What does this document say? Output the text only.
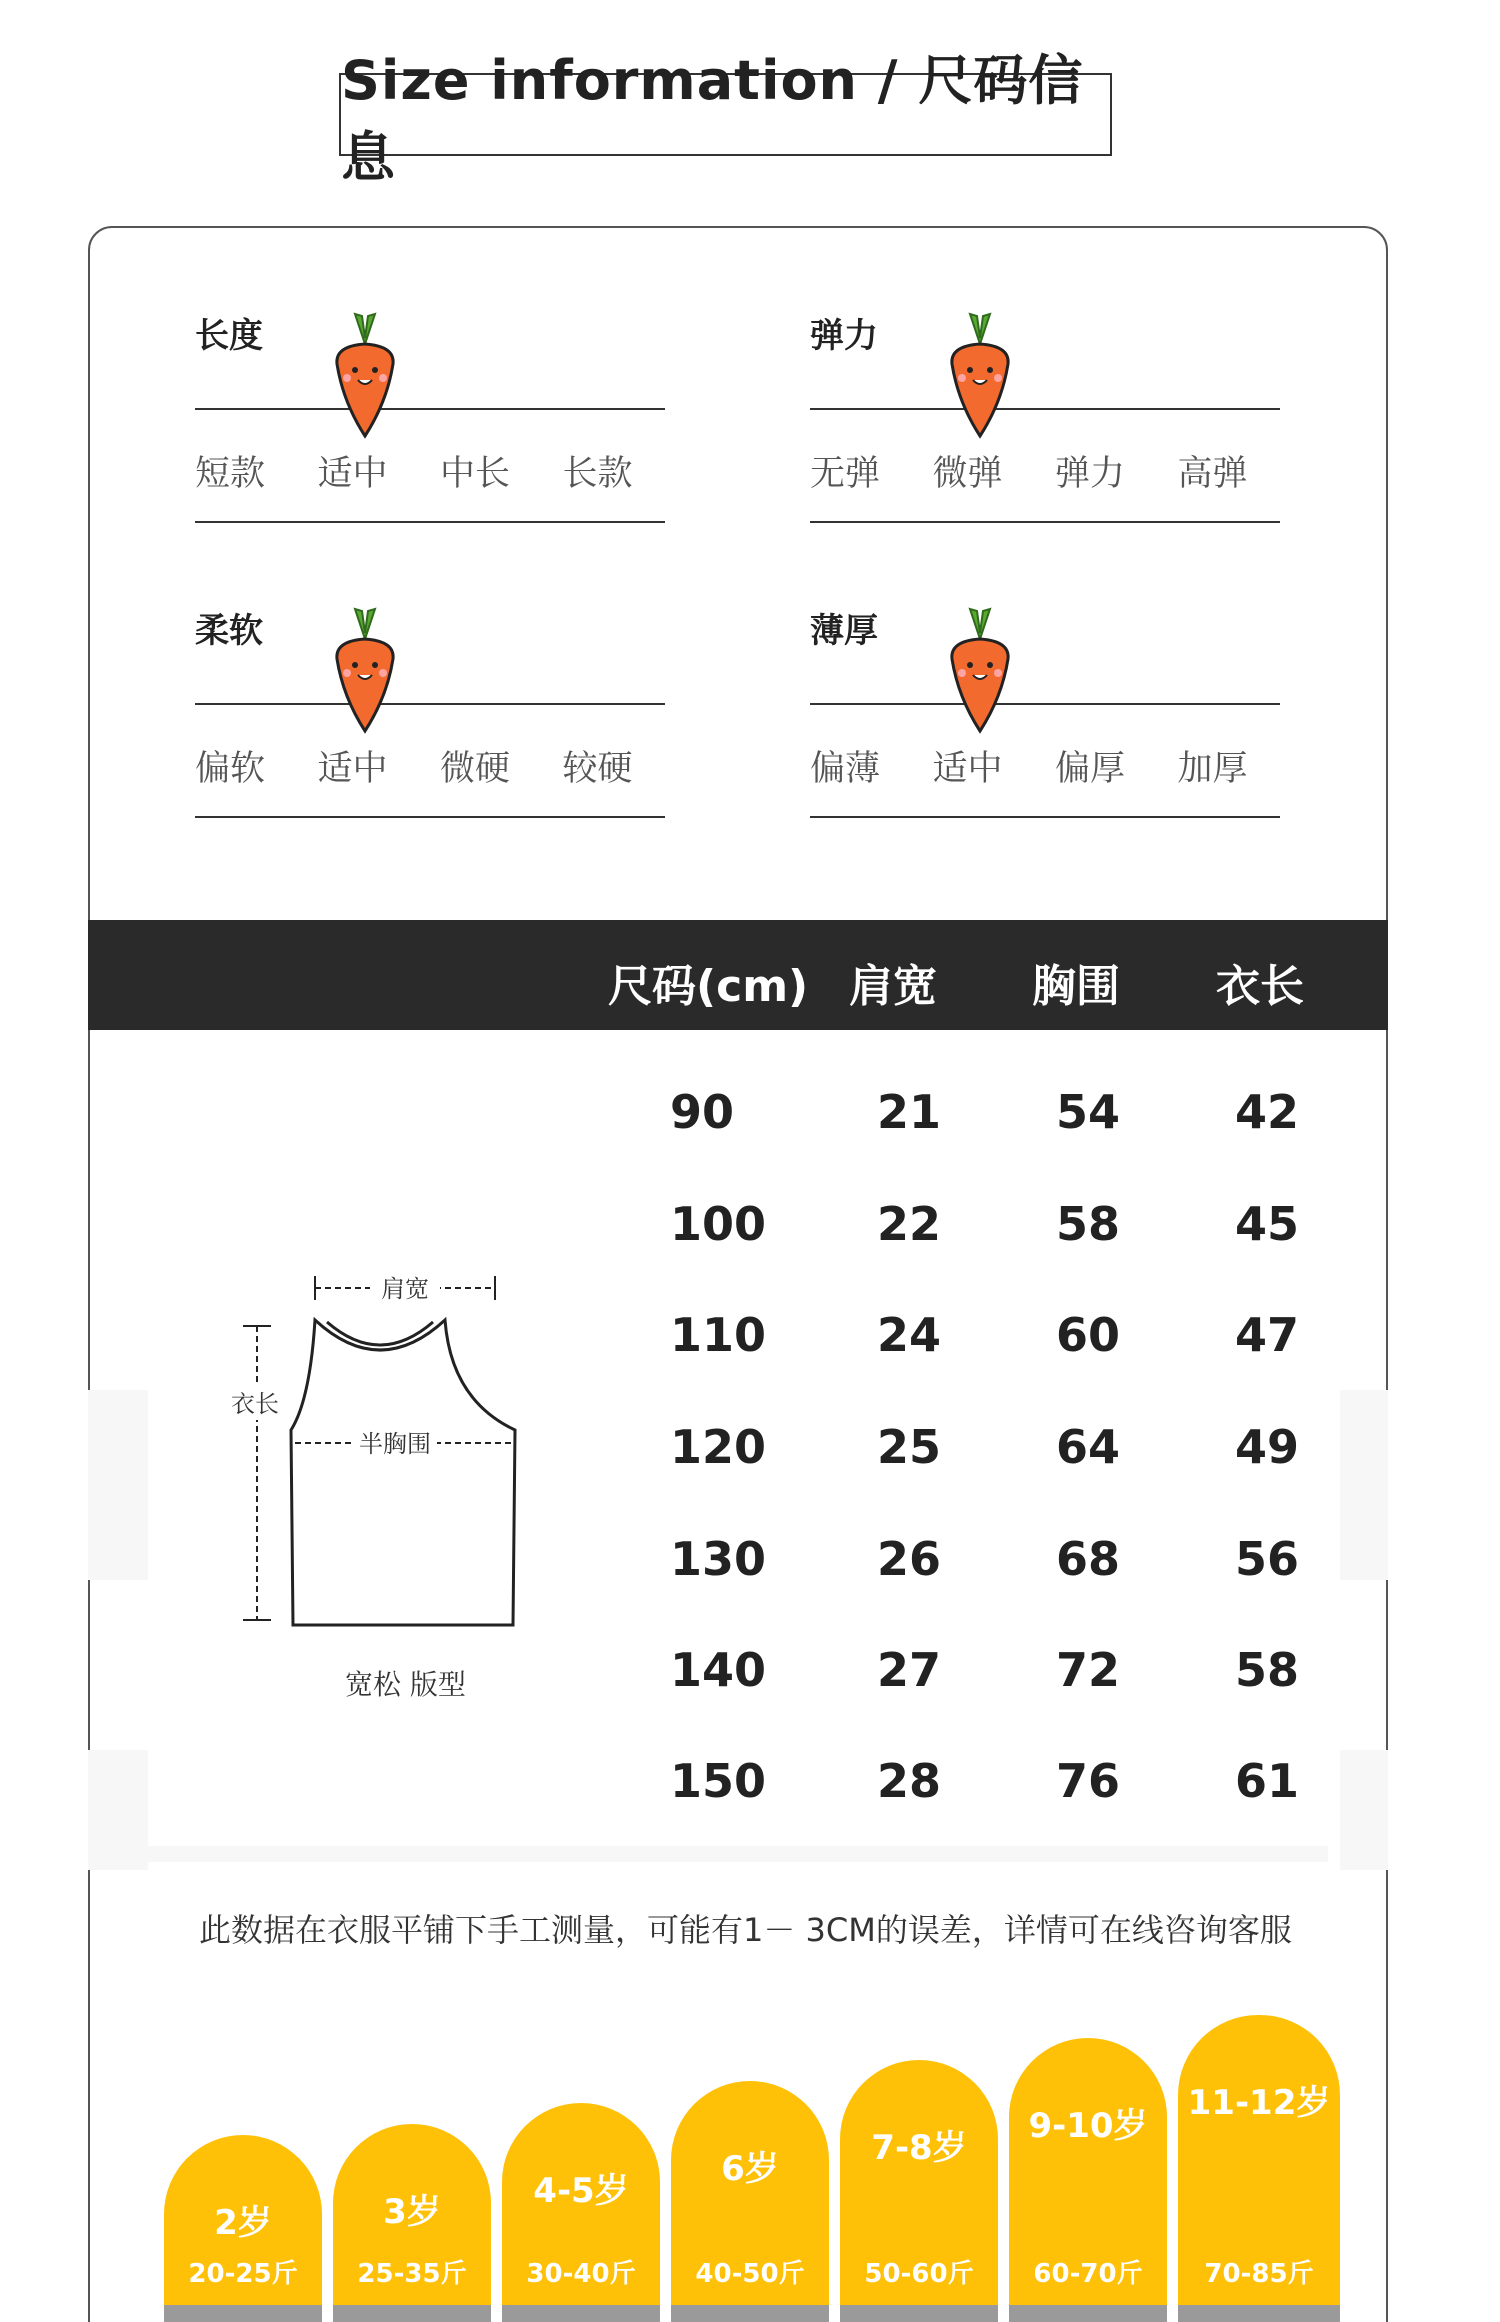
Size information / 尺码信息
长度
短款	适中	中长	长款
弹力
无弹	微弹	弹力	高弹
柔软
偏软	适中	微硬	较硬
薄厚
偏薄	适中	偏厚	加厚
尺码(cm) 肩宽 胸围 衣长
90	21 54 42
100 22 58 45
110 24 60 47
120 25 64 49
130 26 68 56
140 27 72 58
150 28 76 61
肩宽
衣长
半胸围
宽松 版型
此数据在衣服平铺下手工测量，可能有1－ 3CM的误差，详情可在线咨询客服
2岁
20-25斤
3岁
25-35斤
4-5岁
30-40斤
6岁
40-50斤
7-8岁
50-60斤
9-10岁
60-70斤
11-12岁
70-85斤
